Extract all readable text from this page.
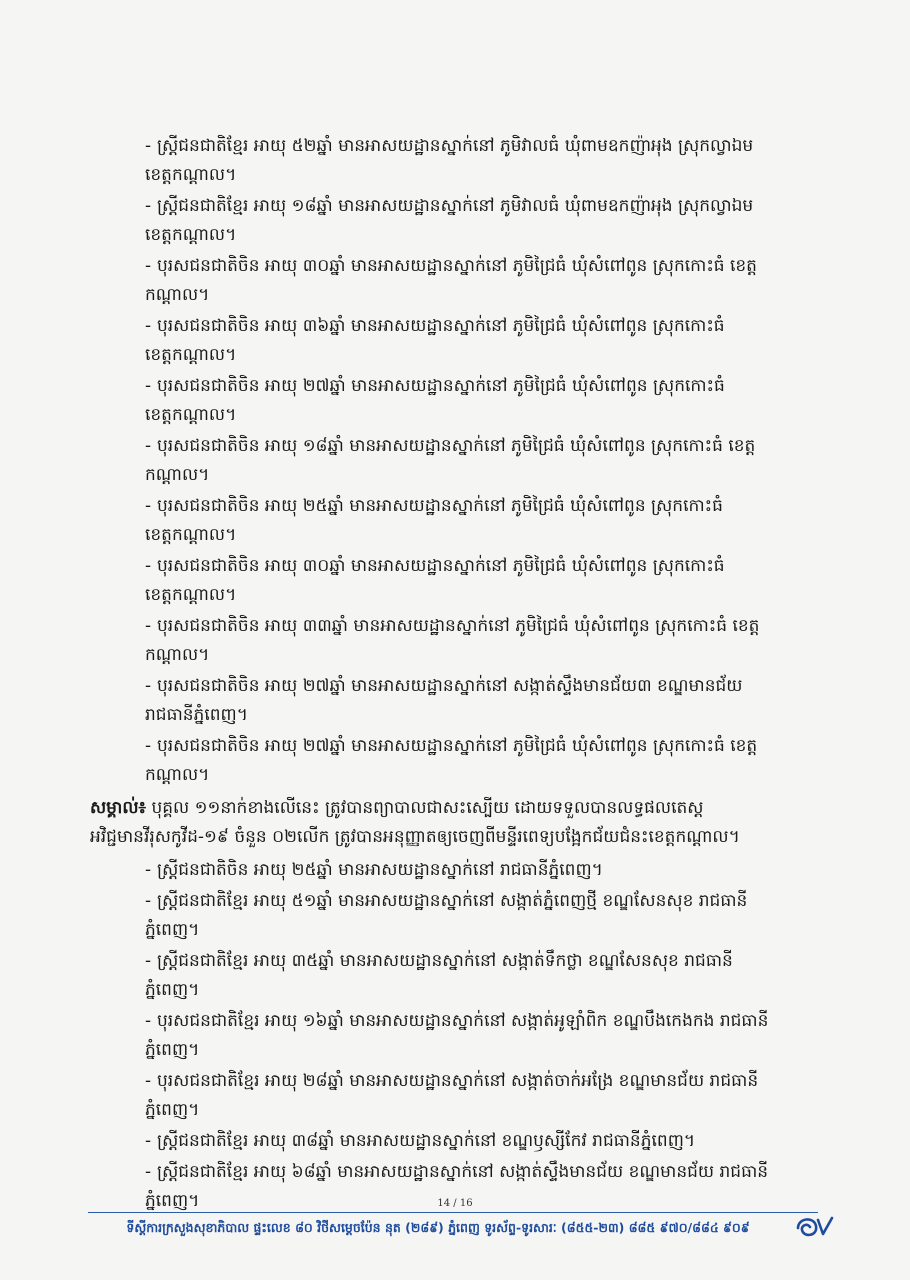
- ស្ត្រីជនជាតិខ្មែរ អាយុ ៥២ឆ្នាំ មានអាសយដ្ឋានស្នាក់នៅ ភូមិវាលធំ ឃុំពាមឧកញ៉ាអុង ស្រុកល្វាឯម
ខេត្តកណ្តាល។
- ស្ត្រីជនជាតិខ្មែរ អាយុ ១៨ឆ្នាំ មានអាសយដ្ឋានស្នាក់នៅ ភូមិវាលធំ ឃុំពាមឧកញ៉ាអុង ស្រុកល្វាឯម
ខេត្តកណ្តាល។
- បុរសជនជាតិចិន អាយុ ៣០ឆ្នាំ មានអាសយដ្ឋានស្នាក់នៅ ភូមិជ្រៃធំ ឃុំសំពៅពូន ស្រុកកោះធំ ខេត្ត
កណ្តាល។
- បុរសជនជាតិចិន អាយុ ៣៦ឆ្នាំ មានអាសយដ្ឋានស្នាក់នៅ ភូមិជ្រៃធំ ឃុំសំពៅពូន ស្រុកកោះធំ
ខេត្តកណ្តាល។
- បុរសជនជាតិចិន អាយុ ២៧ឆ្នាំ មានអាសយដ្ឋានស្នាក់នៅ ភូមិជ្រៃធំ ឃុំសំពៅពូន ស្រុកកោះធំ
ខេត្តកណ្តាល។
- បុរសជនជាតិចិន អាយុ ១៨ឆ្នាំ មានអាសយដ្ឋានស្នាក់នៅ ភូមិជ្រៃធំ ឃុំសំពៅពូន ស្រុកកោះធំ ខេត្ត
កណ្តាល។
- បុរសជនជាតិចិន អាយុ ២៥ឆ្នាំ មានអាសយដ្ឋានស្នាក់នៅ ភូមិជ្រៃធំ ឃុំសំពៅពូន ស្រុកកោះធំ
ខេត្តកណ្តាល។
- បុរសជនជាតិចិន អាយុ ៣០ឆ្នាំ មានអាសយដ្ឋានស្នាក់នៅ ភូមិជ្រៃធំ ឃុំសំពៅពូន ស្រុកកោះធំ
ខេត្តកណ្តាល។
- បុរសជនជាតិចិន អាយុ ៣៣ឆ្នាំ មានអាសយដ្ឋានស្នាក់នៅ ភូមិជ្រៃធំ ឃុំសំពៅពូន ស្រុកកោះធំ ខេត្ត
កណ្តាល។
- បុរសជនជាតិចិន អាយុ ២៧ឆ្នាំ មានអាសយដ្ឋានស្នាក់នៅ សង្កាត់ស្ទឹងមានជ័យ៣ ខណ្ឌមានជ័យ
រាជធានីភ្នំពេញ។
- បុរសជនជាតិចិន អាយុ ២៧ឆ្នាំ មានអាសយដ្ឋានស្នាក់នៅ ភូមិជ្រៃធំ ឃុំសំពៅពូន ស្រុកកោះធំ ខេត្ត
កណ្តាល។
សម្គាល់៖ បុគ្គល ១១នាក់ខាងលើនេះ ត្រូវបានព្យាបាលជាសះស្បើយ ដោយទទួលបានលទ្ធផលតេស្ត
អវិជ្ជមានវីរុសកូវីដ-១៩ ចំនួន ០២លើក ត្រូវបានអនុញ្ញាតឲ្យចេញពីមន្ទីរពេទ្យបង្អែកជ័យជំនះខេត្តកណ្តាល។
- ស្ត្រីជនជាតិចិន អាយុ ២៥ឆ្នាំ មានអាសយដ្ឋានស្នាក់នៅ រាជធានីភ្នំពេញ។
- ស្ត្រីជនជាតិខ្មែរ អាយុ ៥១ឆ្នាំ មានអាសយដ្ឋានស្នាក់នៅ សង្កាត់ភ្នំពេញថ្មី ខណ្ឌសែនសុខ រាជធានី
ភ្នំពេញ។
- ស្ត្រីជនជាតិខ្មែរ អាយុ ៣៥ឆ្នាំ មានអាសយដ្ឋានស្នាក់នៅ សង្កាត់ទឹកថ្លា ខណ្ឌសែនសុខ រាជធានី
ភ្នំពេញ។
- បុរសជនជាតិខ្មែរ អាយុ ១៦ឆ្នាំ មានអាសយដ្ឋានស្នាក់នៅ សង្កាត់អូឡាំពិក ខណ្ឌបឹងកេងកង រាជធានី
ភ្នំពេញ។
- បុរសជនជាតិខ្មែរ អាយុ ២៨ឆ្នាំ មានអាសយដ្ឋានស្នាក់នៅ សង្កាត់ចាក់អង្រែ ខណ្ឌមានជ័យ រាជធានី
ភ្នំពេញ។
- ស្ត្រីជនជាតិខ្មែរ អាយុ ៣៨ឆ្នាំ មានអាសយដ្ឋានស្នាក់នៅ ខណ្ឌឫស្សីកែវ រាជធានីភ្នំពេញ។
- ស្ត្រីជនជាតិខ្មែរ អាយុ ៦៨ឆ្នាំ មានអាសយដ្ឋានស្នាក់នៅ សង្កាត់ស្ទឹងមានជ័យ ខណ្ឌមានជ័យ រាជធានី
ភ្នំពេញ។	14 / 16
ទីស្តីការក្រសួងសុខាភិបាល ផ្ទះលេខ ៨០ វិថីសម្តេចប៉ែន នុត (២៨៩) ភ្នំពេញ ទូរស័ព្ទ-ទូរសារៈ (៨៥៥-២៣) ៨៨៥ ៩៧០/៨៨៤ ៩០៩
